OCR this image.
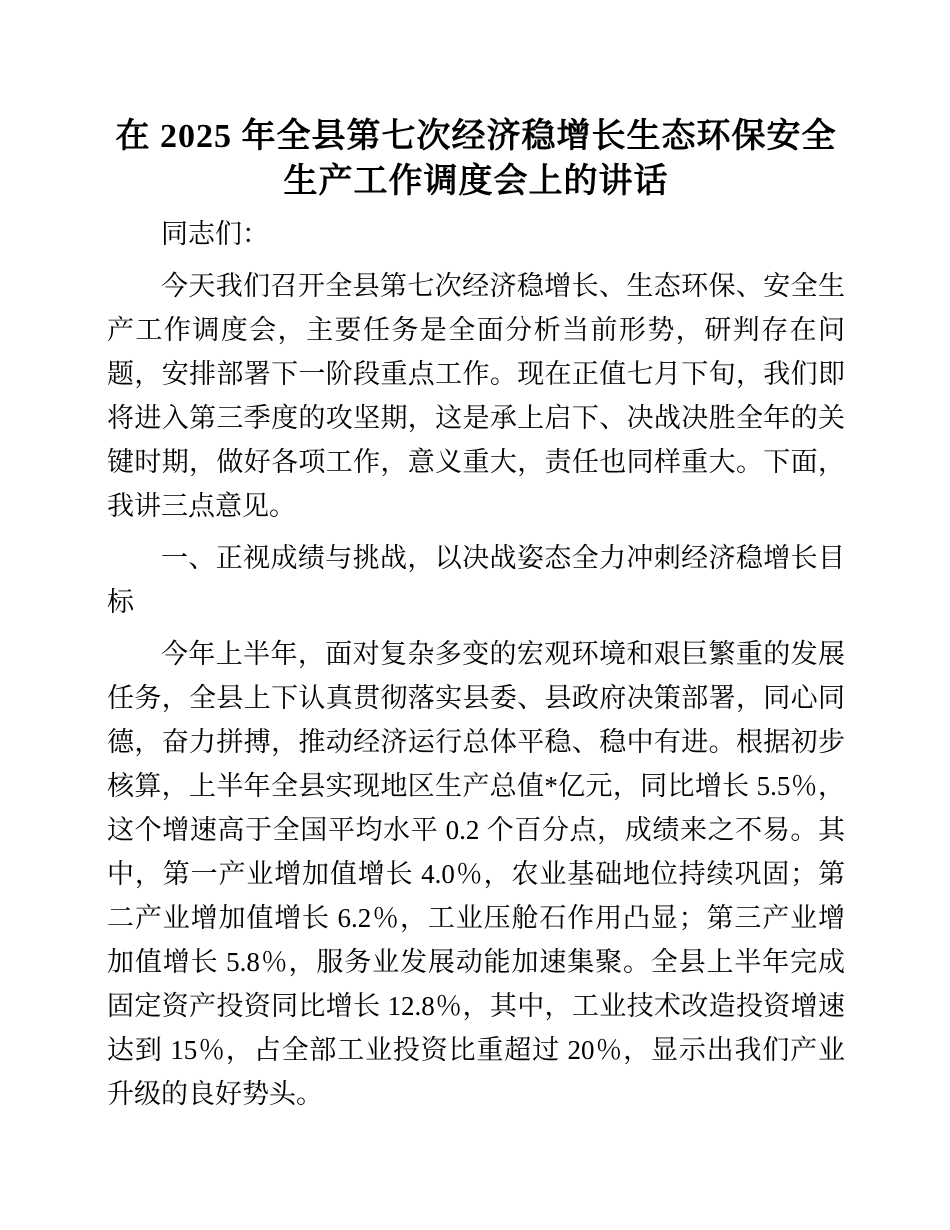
在 2025 年全县第七次经济稳增长生态环保安全
生产工作调度会上的讲话

同志们：

今天我们召开全县第七次经济稳增长、生态环保、安全生产工作调度会，主要任务是全面分析当前形势，研判存在问题，安排部署下一阶段重点工作。现在正值七月下旬，我们即将进入第三季度的攻坚期，这是承上启下、决战决胜全年的关键时期，做好各项工作，意义重大，责任也同样重大。下面，我讲三点意见。

一、正视成绩与挑战，以决战姿态全力冲刺经济稳增长目标

今年上半年，面对复杂多变的宏观环境和艰巨繁重的发展任务，全县上下认真贯彻落实县委、县政府决策部署，同心同德，奋力拼搏，推动经济运行总体平稳、稳中有进。根据初步核算，上半年全县实现地区生产总值*亿元，同比增长 5.5％，这个增速高于全国平均水平 0.2 个百分点，成绩来之不易。其中，第一产业增加值增长 4.0％，农业基础地位持续巩固；第二产业增加值增长 6.2％，工业压舱石作用凸显；第三产业增加值增长 5.8％，服务业发展动能加速集聚。全县上半年完成固定资产投资同比增长 12.8％，其中，工业技术改造投资增速达到 15％，占全部工业投资比重超过 20％，显示出我们产业升级的良好势头。
